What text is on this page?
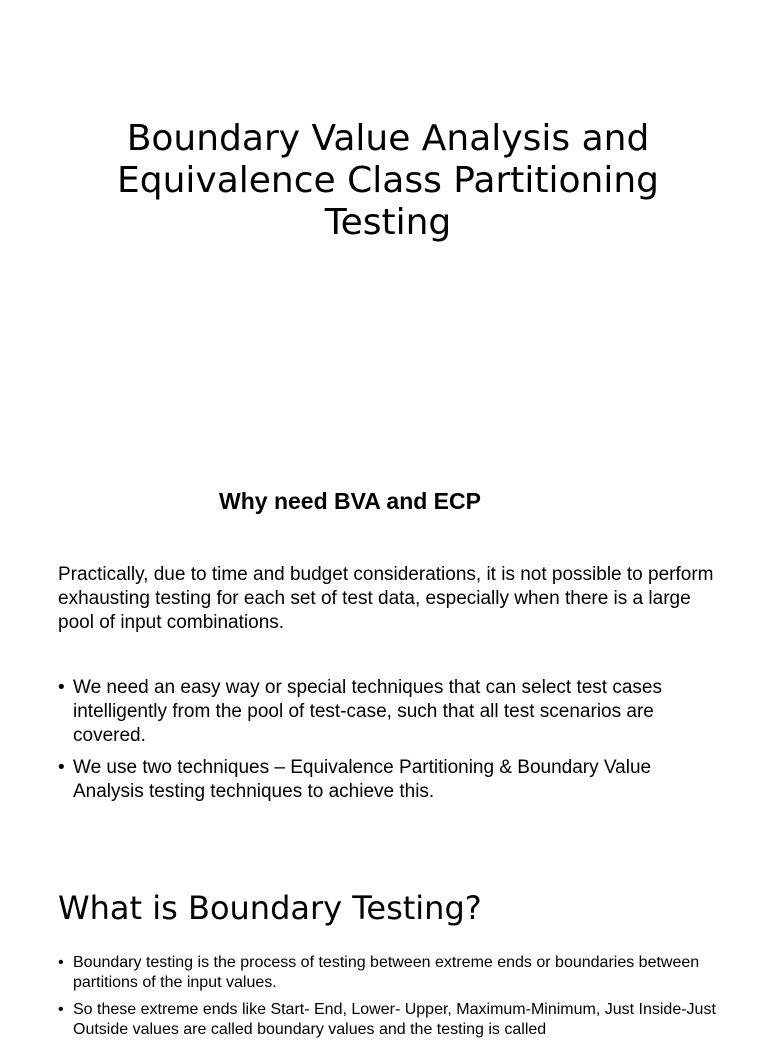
Boundary Value Analysis and Equivalence Class Partitioning Testing
Why need BVA and ECP

Practically, due to time and budget considerations, it is not possible to perform exhausting testing for each set of test data, especially when there is a large pool of input combinations.

• We need an easy way or special techniques that can select test cases intelligently from the pool of test-case, such that all test scenarios are covered.
• We use two techniques – Equivalence Partitioning & Boundary Value Analysis testing techniques to achieve this.
What is Boundary Testing?
• Boundary testing is the process of testing between extreme ends or boundaries between partitions of the input values.
• So these extreme ends like Start- End, Lower- Upper, Maximum-Minimum, Just Inside-Just Outside values are called boundary values and the testing is called
